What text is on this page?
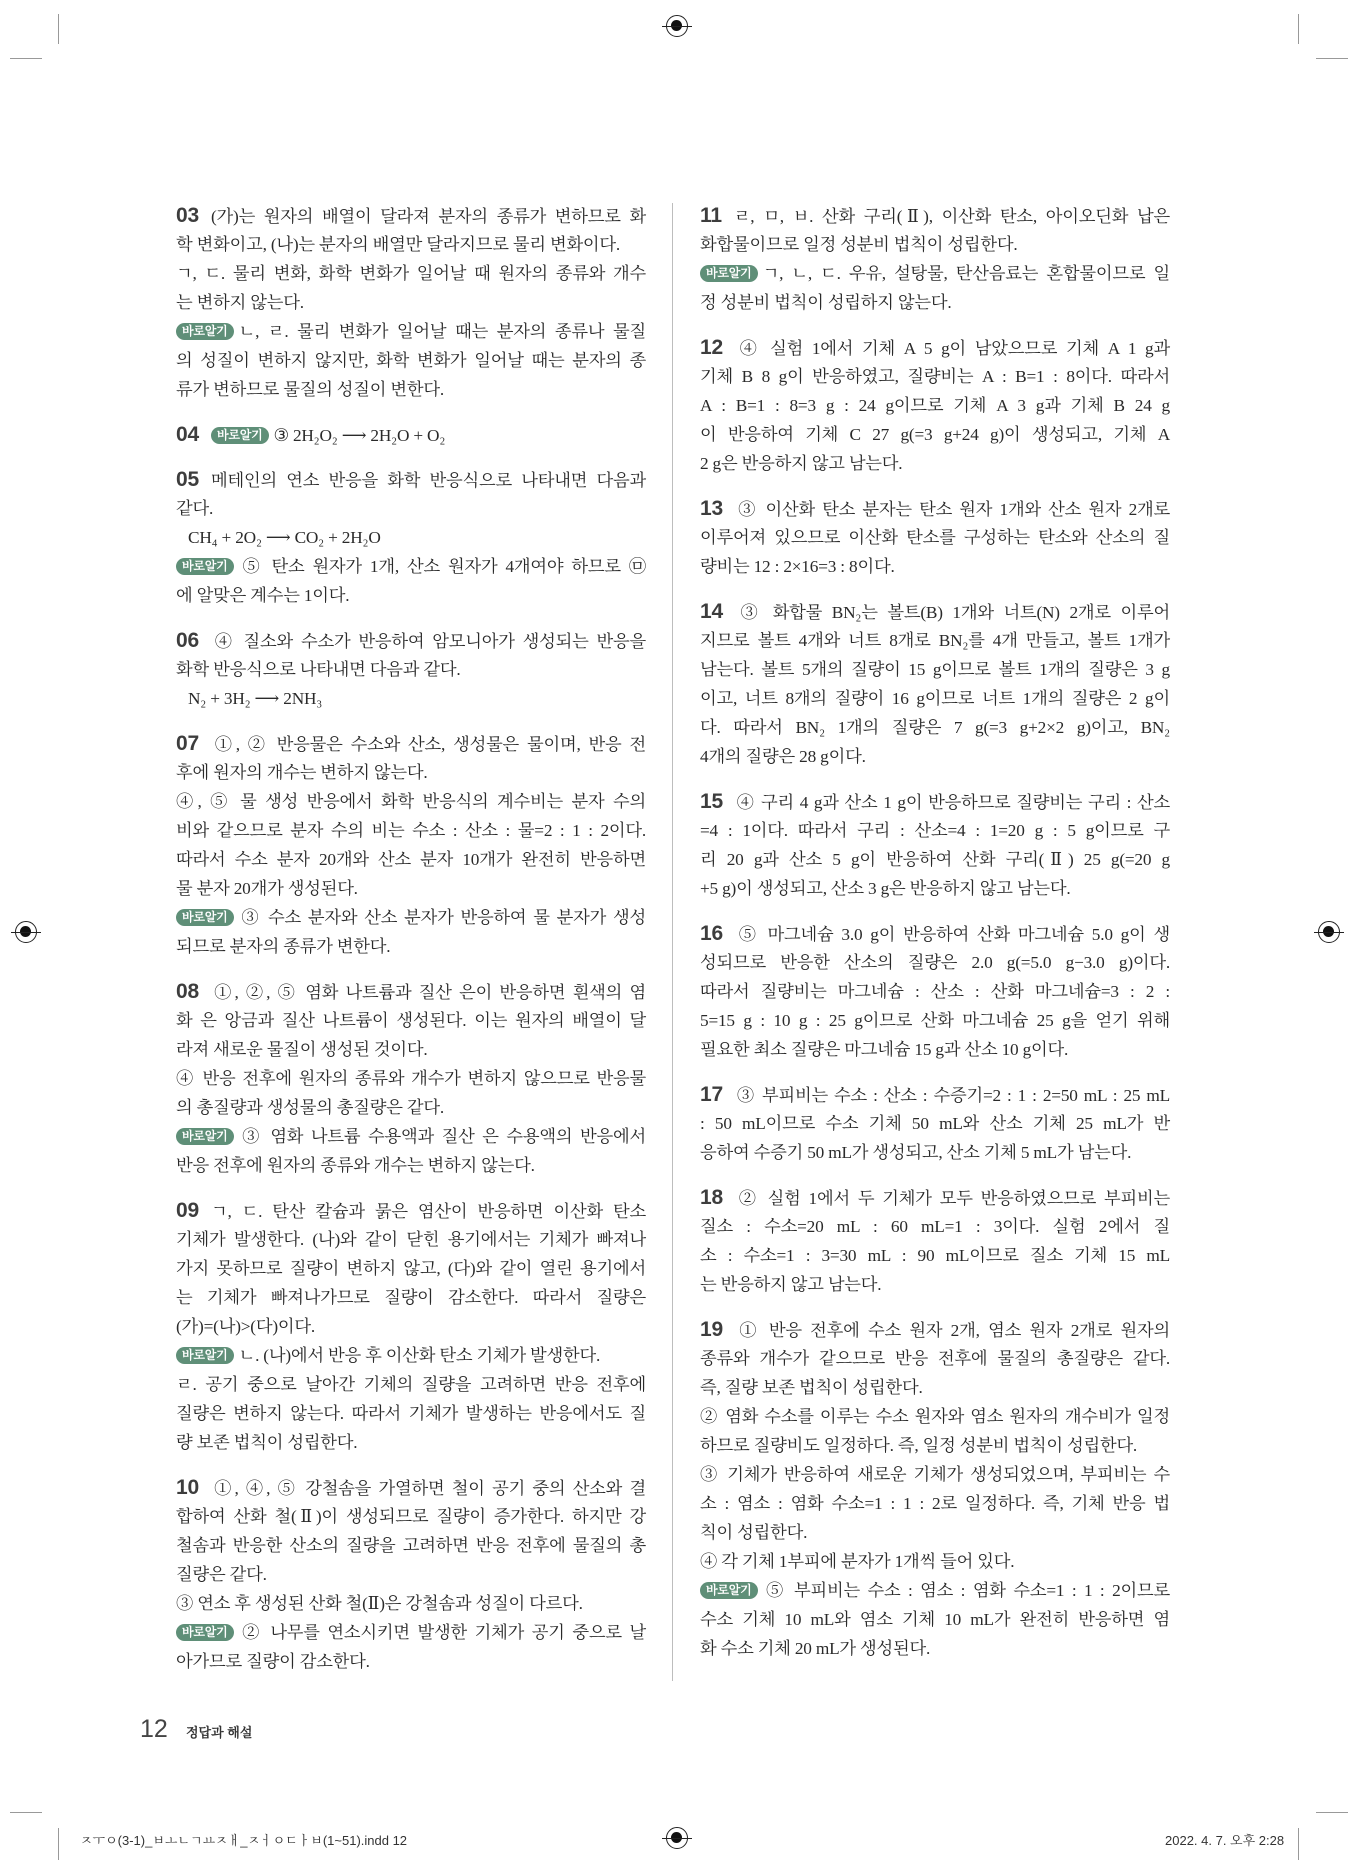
03 (가)는 원자의 배열이 달라져 분자의 종류가 변하므로 화
학 변화이고, (나)는 분자의 배열만 달라지므로 물리 변화이다.
ㄱ, ㄷ. 물리 변화, 화학 변화가 일어날 때 원자의 종류와 개수
는 변하지 않는다.
바로알기 ㄴ, ㄹ. 물리 변화가 일어날 때는 분자의 종류나 물질
의 성질이 변하지 않지만, 화학 변화가 일어날 때는 분자의 종
류가 변하므로 물질의 성질이 변한다.
04 바로알기 ③ 2H₂O₂ ⟶ 2H₂O + O₂
05 메테인의 연소 반응을 화학 반응식으로 나타내면 다음과
같다.
CH₄ + 2O₂ ⟶ CO₂ + 2H₂O
바로알기 ⑤ 탄소 원자가 1개, 산소 원자가 4개여야 하므로 ㉤
에 알맞은 계수는 1이다.
06 ④ 질소와 수소가 반응하여 암모니아가 생성되는 반응을
화학 반응식으로 나타내면 다음과 같다.
N₂ + 3H₂ ⟶ 2NH₃
07 ①, ② 반응물은 수소와 산소, 생성물은 물이며, 반응 전
후에 원자의 개수는 변하지 않는다.
④, ⑤ 물 생성 반응에서 화학 반응식의 계수비는 분자 수의
비와 같으므로 분자 수의 비는 수소 : 산소 : 물=2 : 1 : 2이다.
따라서 수소 분자 20개와 산소 분자 10개가 완전히 반응하면
물 분자 20개가 생성된다.
바로알기 ③ 수소 분자와 산소 분자가 반응하여 물 분자가 생성
되므로 분자의 종류가 변한다.
08 ①, ②, ⑤ 염화 나트륨과 질산 은이 반응하면 흰색의 염
화 은 앙금과 질산 나트륨이 생성된다. 이는 원자의 배열이 달
라져 새로운 물질이 생성된 것이다.
④ 반응 전후에 원자의 종류와 개수가 변하지 않으므로 반응물
의 총질량과 생성물의 총질량은 같다.
바로알기 ③ 염화 나트륨 수용액과 질산 은 수용액의 반응에서
반응 전후에 원자의 종류와 개수는 변하지 않는다.
09 ㄱ, ㄷ. 탄산 칼슘과 묽은 염산이 반응하면 이산화 탄소
기체가 발생한다. (나)와 같이 닫힌 용기에서는 기체가 빠져나
가지 못하므로 질량이 변하지 않고, (다)와 같이 열린 용기에서
는 기체가 빠져나가므로 질량이 감소한다. 따라서 질량은
(가)=(나)>(다)이다.
바로알기 ㄴ. (나)에서 반응 후 이산화 탄소 기체가 발생한다.
ㄹ. 공기 중으로 날아간 기체의 질량을 고려하면 반응 전후에
질량은 변하지 않는다. 따라서 기체가 발생하는 반응에서도 질
량 보존 법칙이 성립한다.
10 ①, ④, ⑤ 강철솜을 가열하면 철이 공기 중의 산소와 결
합하여 산화 철(Ⅱ)이 생성되므로 질량이 증가한다. 하지만 강
철솜과 반응한 산소의 질량을 고려하면 반응 전후에 물질의 총
질량은 같다.
③ 연소 후 생성된 산화 철(Ⅱ)은 강철솜과 성질이 다르다.
바로알기 ② 나무를 연소시키면 발생한 기체가 공기 중으로 날
아가므로 질량이 감소한다.
11 ㄹ, ㅁ, ㅂ. 산화 구리(Ⅱ), 이산화 탄소, 아이오딘화 납은
화합물이므로 일정 성분비 법칙이 성립한다.
바로알기 ㄱ, ㄴ, ㄷ. 우유, 설탕물, 탄산음료는 혼합물이므로 일
정 성분비 법칙이 성립하지 않는다.
12 ④ 실험 1에서 기체 A 5 g이 남았으므로 기체 A 1 g과
기체 B 8 g이 반응하였고, 질량비는 A : B=1 : 8이다. 따라서
A : B=1 : 8=3 g : 24 g이므로 기체 A 3 g과 기체 B 24 g
이 반응하여 기체 C 27 g(=3 g+24 g)이 생성되고, 기체 A
2 g은 반응하지 않고 남는다.
13 ③ 이산화 탄소 분자는 탄소 원자 1개와 산소 원자 2개로
이루어져 있으므로 이산화 탄소를 구성하는 탄소와 산소의 질
량비는 12 : 2×16=3 : 8이다.
14 ③ 화합물 BN₂는 볼트(B) 1개와 너트(N) 2개로 이루어
지므로 볼트 4개와 너트 8개로 BN₂를 4개 만들고, 볼트 1개가
남는다. 볼트 5개의 질량이 15 g이므로 볼트 1개의 질량은 3 g
이고, 너트 8개의 질량이 16 g이므로 너트 1개의 질량은 2 g이
다. 따라서 BN₂ 1개의 질량은 7 g(=3 g+2×2 g)이고, BN₂
4개의 질량은 28 g이다.
15 ④ 구리 4 g과 산소 1 g이 반응하므로 질량비는 구리 : 산소
=4 : 1이다. 따라서 구리 : 산소=4 : 1=20 g : 5 g이므로 구
리 20 g과 산소 5 g이 반응하여 산화 구리(Ⅱ) 25 g(=20 g
+5 g)이 생성되고, 산소 3 g은 반응하지 않고 남는다.
16 ⑤ 마그네슘 3.0 g이 반응하여 산화 마그네슘 5.0 g이 생
성되므로 반응한 산소의 질량은 2.0 g(=5.0 g−3.0 g)이다.
따라서 질량비는 마그네슘 : 산소 : 산화 마그네슘=3 : 2 :
5=15 g : 10 g : 25 g이므로 산화 마그네슘 25 g을 얻기 위해
필요한 최소 질량은 마그네슘 15 g과 산소 10 g이다.
17 ③ 부피비는 수소 : 산소 : 수증기=2 : 1 : 2=50 mL : 25 mL
: 50 mL이므로 수소 기체 50 mL와 산소 기체 25 mL가 반
응하여 수증기 50 mL가 생성되고, 산소 기체 5 mL가 남는다.
18 ② 실험 1에서 두 기체가 모두 반응하였으므로 부피비는
질소 : 수소=20 mL : 60 mL=1 : 3이다. 실험 2에서 질
소 : 수소=1 : 3=30 mL : 90 mL이므로 질소 기체 15 mL
는 반응하지 않고 남는다.
19 ① 반응 전후에 수소 원자 2개, 염소 원자 2개로 원자의
종류와 개수가 같으므로 반응 전후에 물질의 총질량은 같다.
즉, 질량 보존 법칙이 성립한다.
② 염화 수소를 이루는 수소 원자와 염소 원자의 개수비가 일정
하므로 질량비도 일정하다. 즉, 일정 성분비 법칙이 성립한다.
③ 기체가 반응하여 새로운 기체가 생성되었으며, 부피비는 수
소 : 염소 : 염화 수소=1 : 1 : 2로 일정하다. 즉, 기체 반응 법
칙이 성립한다.
④ 각 기체 1부피에 분자가 1개씩 들어 있다.
바로알기 ⑤ 부피비는 수소 : 염소 : 염화 수소=1 : 1 : 2이므로
수소 기체 10 mL와 염소 기체 10 mL가 완전히 반응하면 염
화 수소 기체 20 mL가 생성된다.
12 정답과 해설
ㅈㅜㅇ(3-1)_ㅂㅗㄴㄱㅛㅈㅐ_ㅈㅓㅇㄷㅏㅂ(1~51).indd 12	2022. 4. 7. 오후 2:28
